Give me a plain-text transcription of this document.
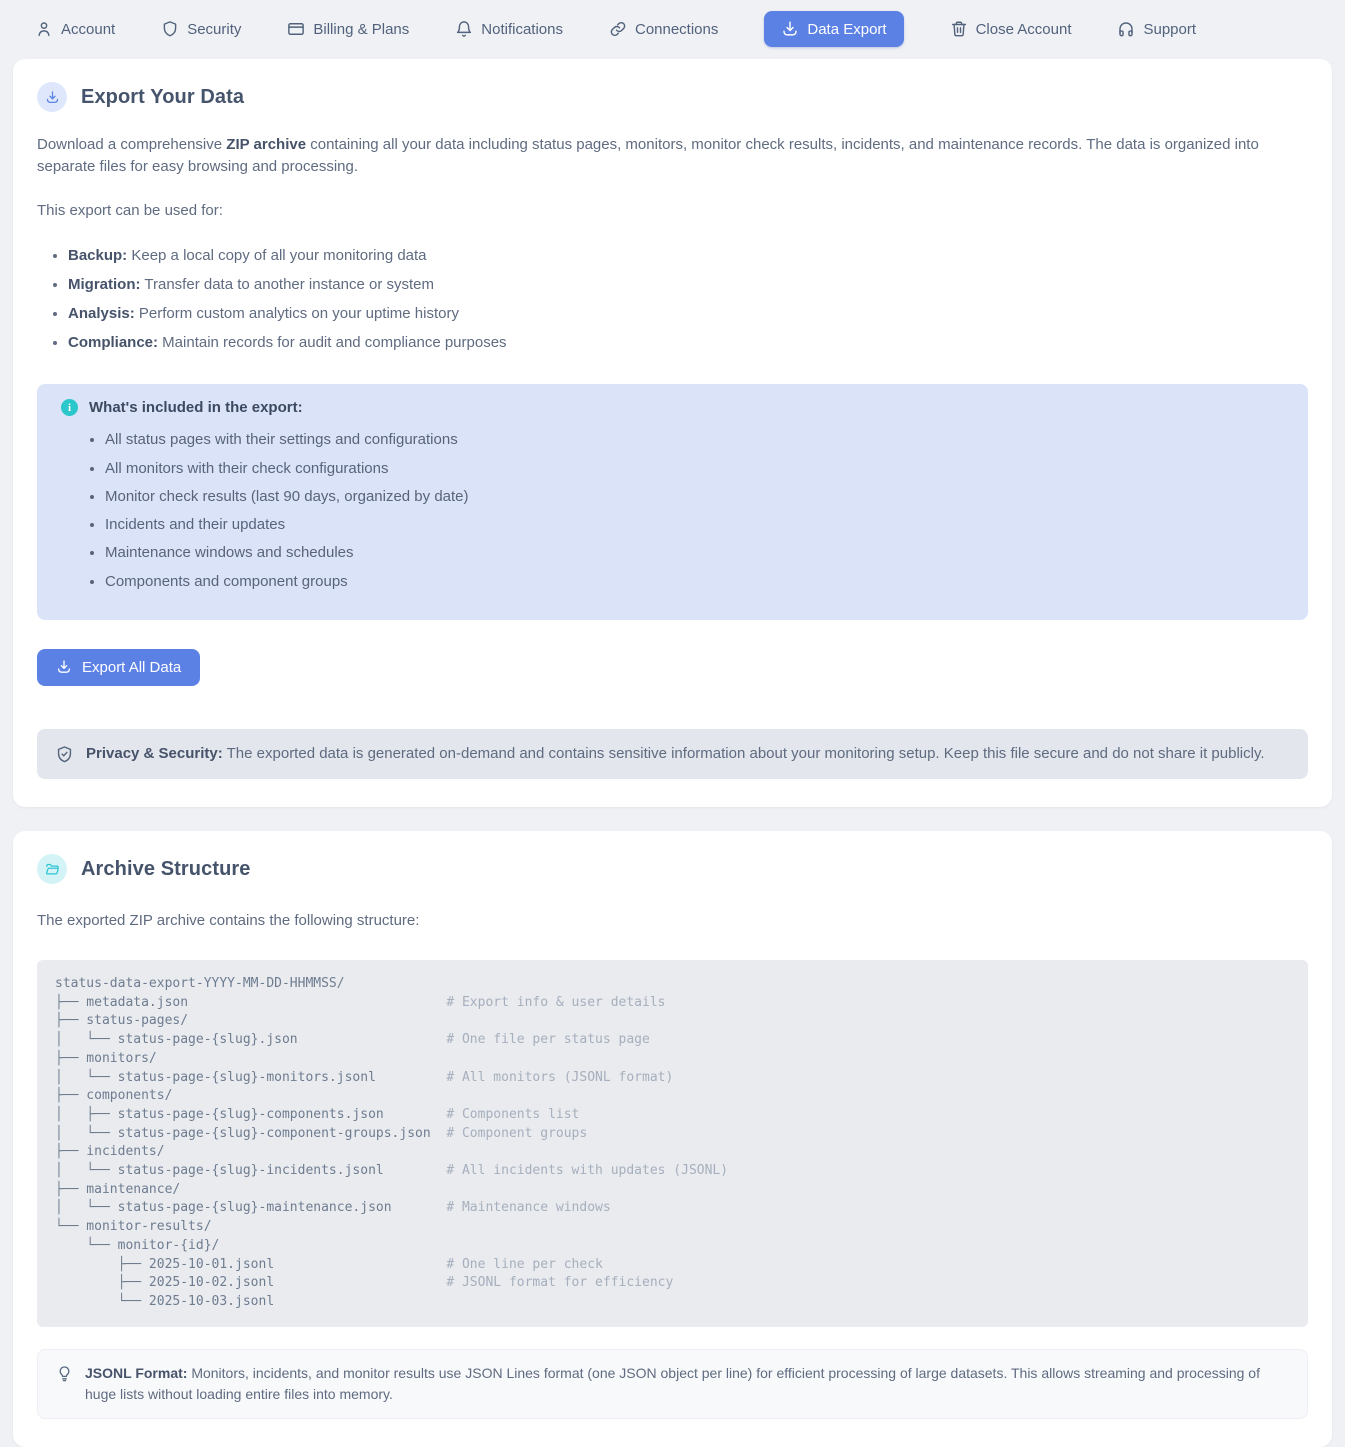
Account	Security	Billing & Plans	Notifications	Connections	Data Export	Close Account	Support
Export Your Data

Download a comprehensive ZIP archive containing all your data including status pages, monitors, monitor check results, incidents, and maintenance records. The data is organized into separate files for easy browsing and processing.

This export can be used for:

• Backup: Keep a local copy of all your monitoring data
• Migration: Transfer data to another instance or system
• Analysis: Perform custom analytics on your uptime history
• Compliance: Maintain records for audit and compliance purposes
i	What's included in the export:
• All status pages with their settings and configurations
• All monitors with their check configurations
• Monitor check results (last 90 days, organized by date)
• Incidents and their updates
• Maintenance windows and schedules
• Components and component groups
Export All Data

Privacy & Security: The exported data is generated on-demand and contains sensitive information about your monitoring setup. Keep this file secure and do not share it publicly.

Archive Structure

The exported ZIP archive contains the following structure:

status-data-export-YYYY-MM-DD-HHMMSS/
├── metadata.json	# Export info & user details
├── status-pages/
│   └── status-page-{slug}.json	# One file per status page
├── monitors/
│   └── status-page-{slug}-monitors.jsonl	# All monitors (JSONL format)
├── components/
│   ├── status-page-{slug}-components.json	# Components list
│   └── status-page-{slug}-component-groups.json # Component groups
├── incidents/
│   └── status-page-{slug}-incidents.jsonl	# All incidents with updates (JSONL)
├── maintenance/
│   └── status-page-{slug}-maintenance.json	# Maintenance windows
└── monitor-results/
└── monitor-{id}/
├── 2025-10-01.jsonl	# One line per check
├── 2025-10-02.jsonl	# JSONL format for efficiency
└── 2025-10-03.jsonl

JSONL Format: Monitors, incidents, and monitor results use JSON Lines format (one JSON object per line) for efficient processing of large datasets. This allows streaming and processing of huge lists without loading entire files into memory.
